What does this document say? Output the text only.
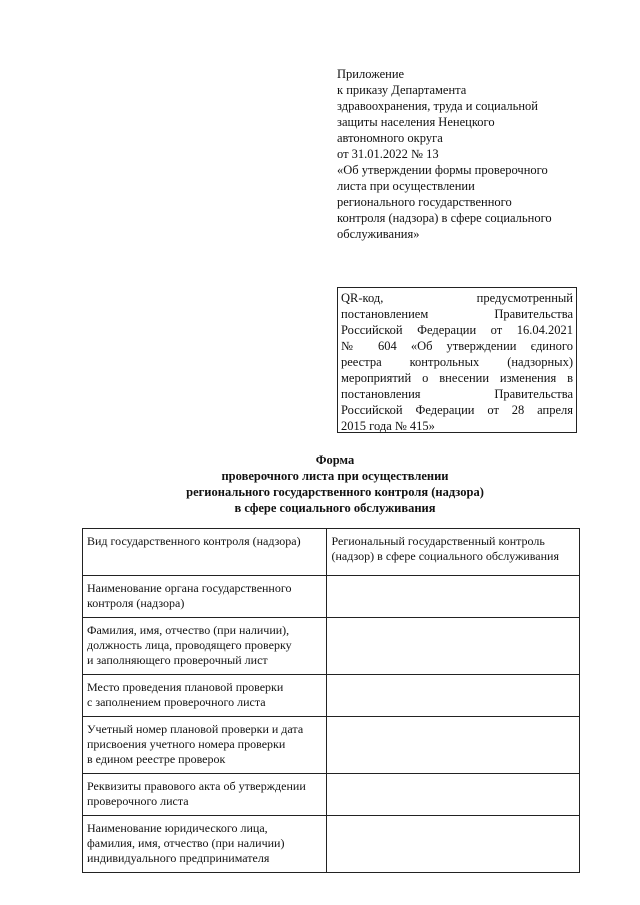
Приложение
к приказу Департамента
здравоохранения, труда и социальной
защиты населения Ненецкого
автономного округа
от 31.01.2022 № 13
«Об утверждении формы проверочного
листа при осуществлении
регионального государственного
контроля (надзора) в сфере социального
обслуживания»
QR-код, предусмотренный
постановлением Правительства
Российской Федерации от 16.04.2021
№ 604 «Об утверждении єдиного
реестра контрольных (надзорных)
мероприятий о внесении изменения в
постановления Правительства
Российской Федерации от 28 апреля
2015 года № 415»
Форма
проверочного листа при осуществлении
регионального государственного контроля (надзора)
в сфере социального обслуживания
Вид государственного контроля (надзора)	Региональный государственный контроль
(надзор) в сфере социального обслуживания

Наименование органа государственного
контроля (надзора)	

Фамилия, имя, отчество (при наличии),
должность лица, проводящего проверку
и заполняющего проверочный лист	

Место проведения плановой проверки
с заполнением проверочного листа	

Учетный номер плановой проверки и дата
присвоения учетного номера проверки
в едином реестре проверок	

Реквизиты правового акта об утверждении
проверочного листа	

Наименование юридического лица,
фамилия, имя, отчество (при наличии)
индивидуального предпринимателя	
